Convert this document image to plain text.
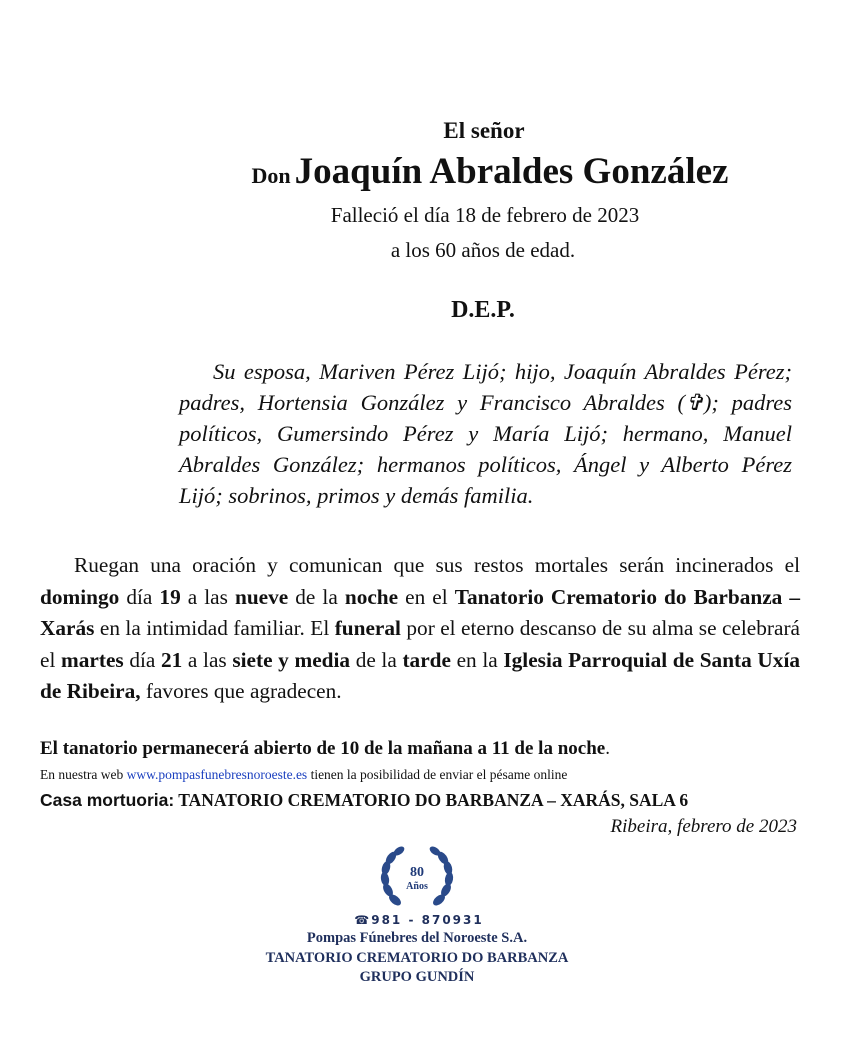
El señor
Don Joaquín Abraldes González
Falleció el día 18 de febrero de 2023
a los 60 años de edad.
D.E.P.
Su esposa, Mariven Pérez Lijó; hijo, Joaquín Abraldes Pérez; padres, Hortensia González y Francisco Abraldes (✞); padres políticos, Gumersindo Pérez y María Lijó; hermano, Manuel Abraldes González; hermanos políticos, Ángel y Alberto Pérez Lijó; sobrinos, primos y demás familia.
Ruegan una oración y comunican que sus restos mortales serán incinerados el domingo día 19 a las nueve de la noche en el Tanatorio Crematorio do Barbanza – Xarás en la intimidad familiar. El funeral por el eterno descanso de su alma se celebrará el martes día 21 a las siete y media de la tarde en la Iglesia Parroquial de Santa Uxía de Ribeira, favores que agradecen.
El tanatorio permanecerá abierto de 10 de la mañana a 11 de la noche.
En nuestra web www.pompasfunebresnoroeste.es tienen la posibilidad de enviar el pésame online
Casa mortuoria: TANATORIO CREMATORIO DO BARBANZA – XARÁS, SALA 6
Ribeira, febrero de 2023
80
Años
☎ 981 - 870931
Pompas Fúnebres del Noroeste S.A.
TANATORIO CREMATORIO DO BARBANZA
GRUPO GUNDÍN
